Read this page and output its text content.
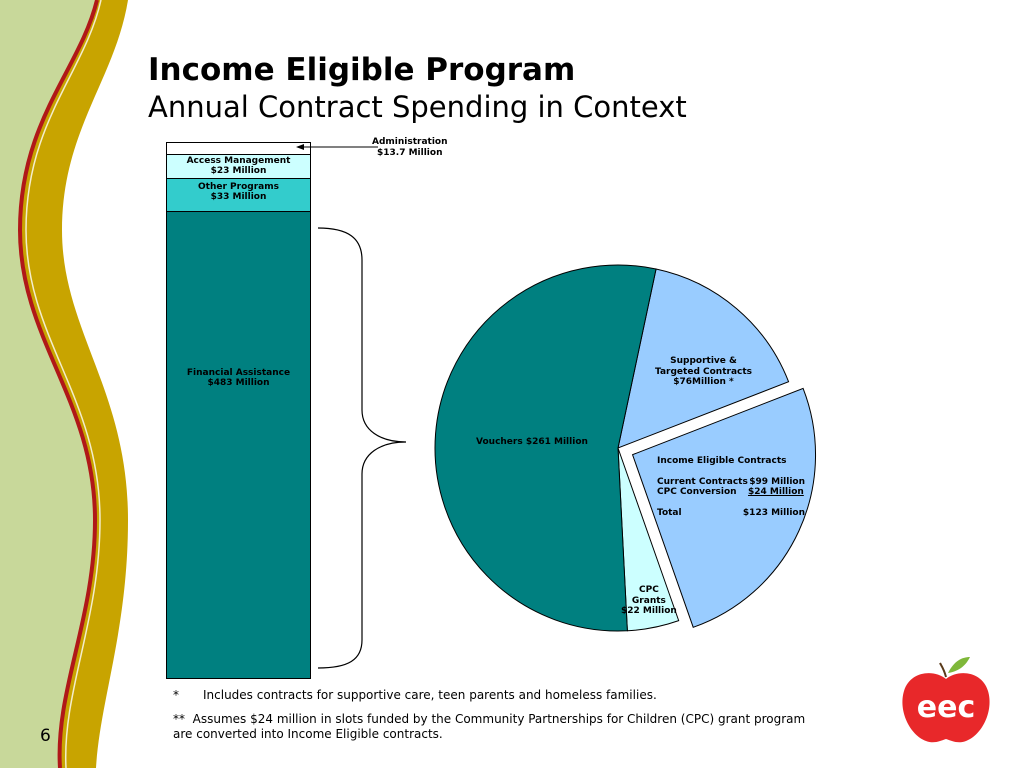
Income Eligible Program
Annual Contract Spending in Context
Access Management
$23 Million
Other Programs
$33 Million
Financial Assistance
$483 Million
Administration
$13.7 Million
Vouchers $261 Million
Supportive &
Targeted Contracts
$76Million *
Income Eligible Contracts
Current Contracts $99 Million
CPC Conversion	$24 Million
Total	$123 Million
CPC
Grants
$22 Million
* Includes contracts for supportive care, teen parents and homeless families.
** Assumes $24 million in slots funded by the Community Partnerships for Children (CPC) grant program
are converted into Income Eligible contracts.
6
eec
